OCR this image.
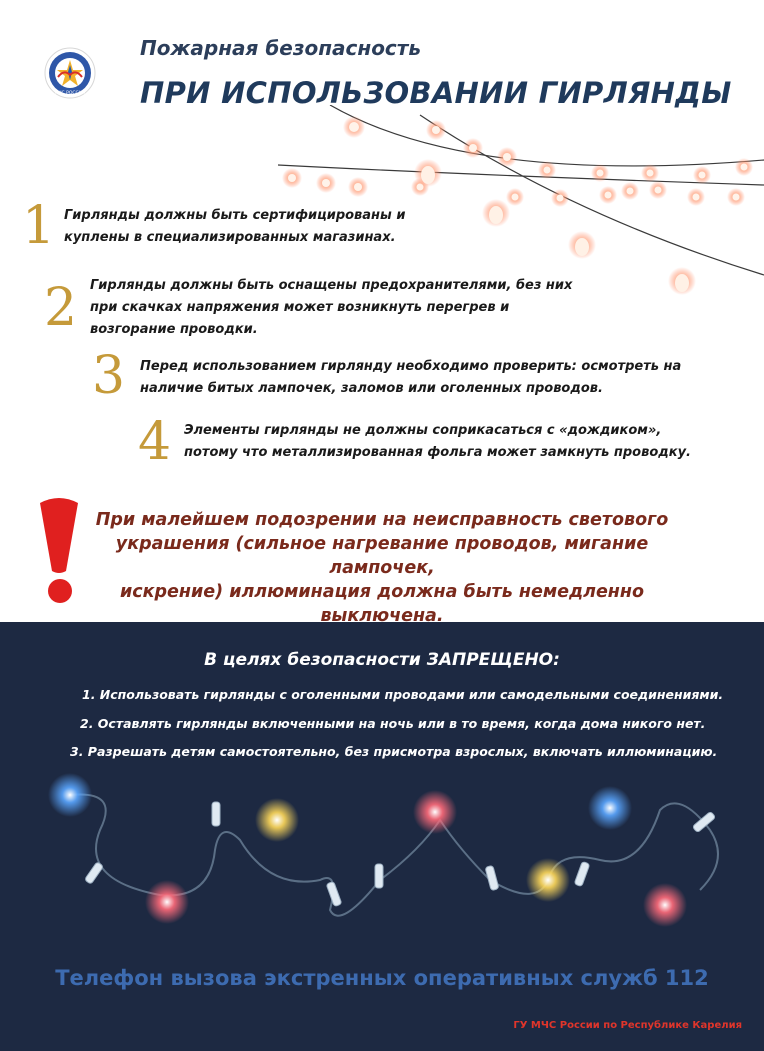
МЧС РОССИИ
Пожарная безопасность
ПРИ ИСПОЛЬЗОВАНИИ ГИРЛЯНДЫ
1 Гирлянды должны быть сертифицированы и
куплены в специализированных магазинах.
2 Гирлянды должны быть оснащены предохранителями, без них
при скачках напряжения может возникнуть перегрев и
возгорание проводки.
3 Перед использованием гирлянду необходимо проверить: осмотреть на
наличие битых лампочек, заломов или оголенных проводов.
4 Элементы гирлянды не должны соприкасаться с «дождиком»,
потому что металлизированная фольга может замкнуть проводку.
При малейшем подозрении на неисправность светового
украшения (сильное нагревание проводов, мигание лампочек,
искрение) иллюминация должна быть немедленно
выключена.
В целях безопасности ЗАПРЕЩЕНО:
1. Использовать гирлянды с оголенными проводами или самодельными соединениями.
2. Оставлять гирлянды включенными на ночь или в то время, когда дома никого нет.
3. Разрешать детям самостоятельно, без присмотра взрослых, включать иллюминацию.
Телефон вызова экстренных оперативных служб 112
ГУ МЧС России по Республике Карелия
